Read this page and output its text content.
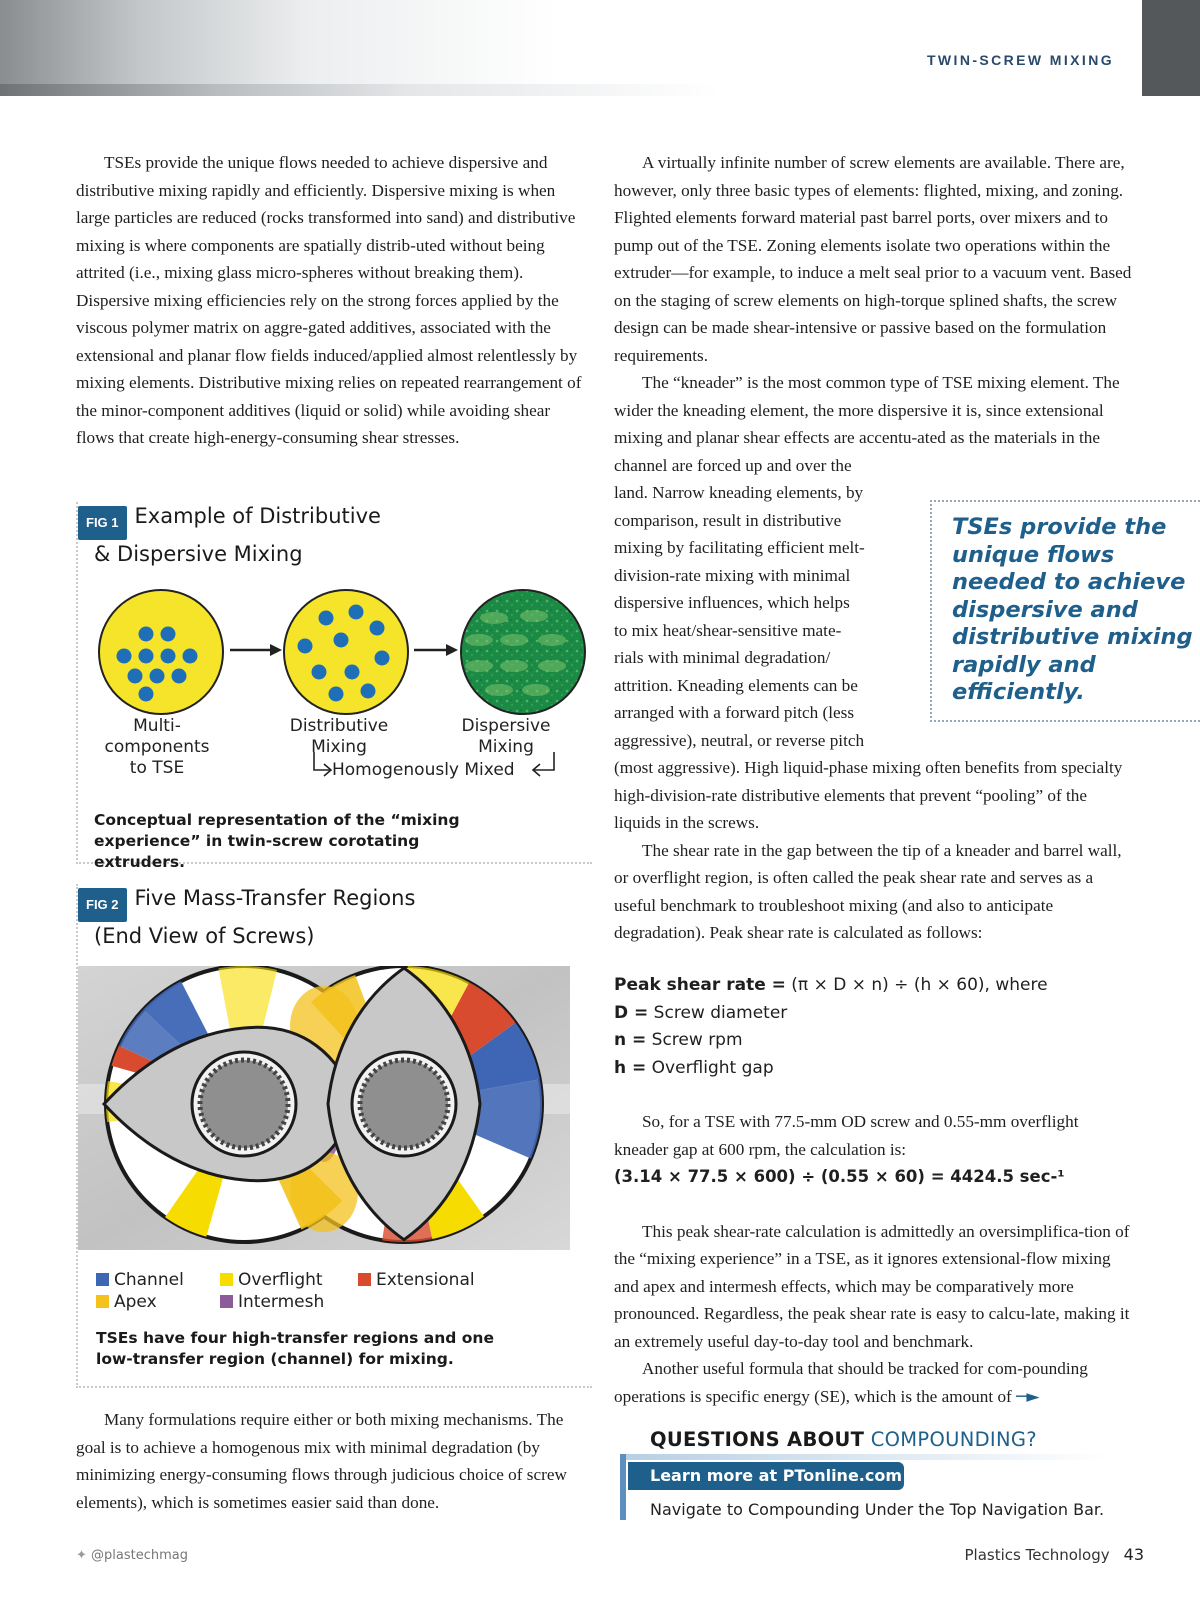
TWIN-SCREW MIXING

TSEs provide the unique flows needed to achieve dispersive and distributive mixing rapidly and efficiently. Dispersive mixing is when large particles are reduced (rocks transformed into sand) and distributive mixing is where components are spatially distrib-uted without being attrited (i.e., mixing glass micro-spheres without breaking them). Dispersive mixing efficiencies rely on the strong forces applied by the viscous polymer matrix on aggre-gated additives, associated with the extensional and planar flow fields induced/applied almost relentlessly by mixing elements. Distributive mixing relies on repeated rearrangement of the minor-component additives (liquid or solid) while avoiding shear flows that create high-energy-consuming shear stresses.

FIG 1 Example of Distributive
& Dispersive Mixing
Multi-
components
to TSE
Distributive
Mixing
Dispersive
Mixing
Homogenously Mixed
Conceptual representation of the “mixing experience” in twin-screw corotating extruders.
FIG 2 Five Mass-Transfer Regions
(End View of Screws)
Channel	Overflight	Extensional
Apex	Intermesh
TSEs have four high-transfer regions and one low-transfer region (channel) for mixing.

Many formulations require either or both mixing mechanisms. The goal is to achieve a homogenous mix with minimal degradation (by minimizing energy-consuming flows through judicious choice of screw elements), which is sometimes easier said than done.

A virtually infinite number of screw elements are available. There are, however, only three basic types of elements: flighted, mixing, and zoning. Flighted elements forward material past barrel ports, over mixers and to pump out of the TSE. Zoning elements isolate two operations within the extruder—for example, to induce a melt seal prior to a vacuum vent. Based on the staging of screw elements on high-torque splined shafts, the screw design can be made shear-intensive or passive based on the formulation requirements.

The “kneader” is the most common type of TSE mixing element. The wider the kneading element, the more dispersive it is, since extensional mixing and planar shear effects are accentu-ated as the materials in the channel are forced up and over the

land. Narrow kneading elements, by
comparison, result in distributive
mixing by facilitating efficient melt-
division-rate mixing with minimal
dispersive influences, which helps
to mix heat/shear-sensitive mate-
rials with minimal degradation/
attrition. Kneading elements can be
arranged with a forward pitch (less
aggressive), neutral, or reverse pitch
(most aggressive). High liquid-phase mixing often benefits from specialty high-division-rate distributive elements that prevent “pooling” of the liquids in the screws.

The shear rate in the gap between the tip of a kneader and barrel wall, or overflight region, is often called the peak shear rate and serves as a useful benchmark to troubleshoot mixing (and also to anticipate degradation). Peak shear rate is calculated as follows:

Peak shear rate = (π × D × n) ÷ (h × 60), where
D = Screw diameter
n = Screw rpm
h = Overflight gap

So, for a TSE with 77.5-mm OD screw and 0.55-mm overflight kneader gap at 600 rpm, the calculation is:

(3.14 × 77.5 × 600) ÷ (0.55 × 60) = 4424.5 sec-¹

This peak shear-rate calculation is admittedly an oversimplifica-tion of the “mixing experience” in a TSE, as it ignores extensional-flow mixing and apex and intermesh effects, which may be comparatively more pronounced. Regardless, the peak shear rate is easy to calcu-late, making it an extremely useful day-to-day tool and benchmark.

Another useful formula that should be tracked for com-pounding operations is specific energy (SE), which is the amount of ─►

TSEs provide the unique flows needed to achieve dispersive and distributive mixing rapidly and efficiently.
QUESTIONS ABOUT COMPOUNDING?
Learn more at PTonline.com
Navigate to Compounding Under the Top Navigation Bar.
✦ @plastechmag	Plastics Technology 43
